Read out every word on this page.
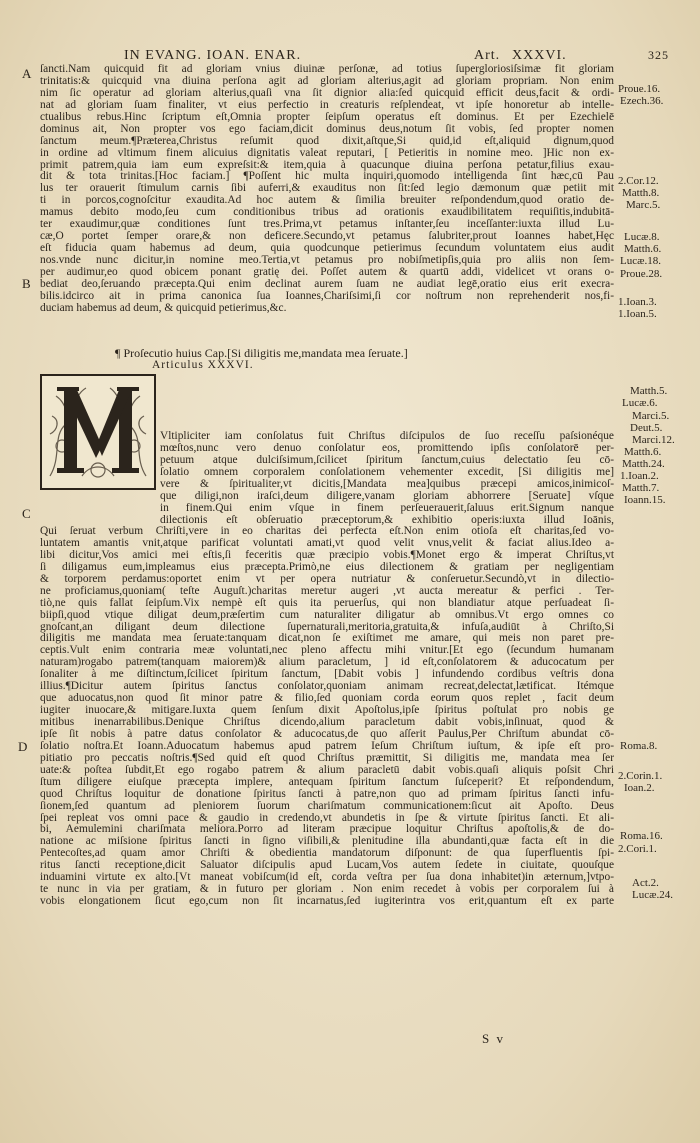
IN EVANG. IOAN. ENAR.	Art. XXXVI.	325
A
B
C
D
ſancti.Nam quicquid fit ad gloriam vnius diuinæ perſonæ, ad totius ſupergloriosiſsimæ fit gloriam
trinitatis:& quicquid vna diuina perſona agit ad gloriam alterius,agit ad gloriam propriam. Non enim
nim ſic operatur ad gloriam alterius,quaſi vna ſit dignior alia:ſed quicquid efficit deus,facit & ordi-
nat ad gloriam ſuam finaliter, vt eius perfectio in creaturis reſplendeat, vt ipſe honoretur ab intelle-
ctualibus rebus.Hinc ſcriptum eſt,Omnia propter ſeipſum operatus eſt dominus. Et per Ezechielē
dominus ait, Non propter vos ego faciam,dicit dominus deus,notum ſit vobis, ſed propter nomen
ſanctum meum.¶Præterea,Christus reſumit quod dixit,aſtque,Si quid,id eſt,aliquid dignum,quod
in ordine ad vltimum finem alicuius dignitatis valeat reputari, [ Petieritis in nomine meo. ]Hic non ex-
primit patrem,quia iam eum expreſsit:& item,quia à quacunque diuina perſona petatur,filius exau-
dit & tota trinitas.[Hoc faciam.] ¶Poſſent hic multa inquiri,quomodo intelligenda ſint hæc,cū Pau
lus ter orauerit ſtimulum carnis ſibi auferri,& exauditus non ſit:ſed legio dæmonum quæ petiit mit
ti in porcos,cognoſcitur exaudita.Ad hoc autem & ſimilia breuiter reſpondendum,quod oratio de-
mamus debito modo,ſeu cum conditionibus tribus ad orationis exaudibilitatem requiſitis,indubitā-
ter exaudimur,quæ conditiones ſunt tres.Prima,vt petamus inſtanter,ſeu inceſſanter:iuxta illud Lu-
cæ,O portet ſemper orare,& non deficere.Secundo,vt petamus ſalubriter,prout Ioannes habet,Hęc
eſt fiducia quam habemus ad deum, quia quodcunque petierimus ſecundum voluntatem eius audit
nos.vnde nunc dicitur,in nomine meo.Tertia,vt petamus pro nobiſmetipſis,quia pro aliis non ſem-
per audimur,eo quod obicem ponant gratię dei. Poſſet autem & quartū addi, videlicet vt orans o-
bediat deo,ſeruando præcepta.Qui enim declinat aurem ſuam ne audiat legē,oratio eius erit execra-
bilis.idcirco ait in prima canonica ſua Ioannes,Chariſsimi,ſi cor noſtrum non reprehenderit nos,fi-
duciam habemus ad deum, & quicquid petierimus,&c.
¶ Proſecutio huius Cap.[Si diligitis me,mandata mea ſeruate.]
Articulus XXXVI.
Vltipliciter iam conſolatus fuit Chriſtus diſcipulos de ſuo receſſu paſsionéque
mœſtos,nunc vero denuo conſolatur eos, promittendo ipſis conſolatorē per-
petuum atque dulciſsimum,ſcilicet ſpiritum ſanctum,cuius delectatio ſeu cō-
ſolatio omnem corporalem conſolationem vehementer excedit, [Si diligitis me]
vere & ſpiritualiter,vt dicitis,[Mandata mea]quibus præcepi amicos,inimicoſ-
que diligi,non iraſci,deum diligere,vanam gloriam abhorrere [Seruate] vſque
in finem.Qui enim vſque in finem perſeuerauerit,ſaluus erit.Signum nanque
dilectionis eſt obſeruatio præceptorum,& exhibitio operis:iuxta illud Ioānis,
Qui ſeruat verbum Chriſti,vere in eo charitas dei perfecta eſt.Non enim otioſa eſt charitas,ſed vo-
luntatem amantis vnit,atque parificat voluntati amati,vt quod velit vnus,velit & faciat alius.Ideo a-
libi dicitur,Vos amici mei eſtis,ſi feceritis quæ præcipio vobis.¶Monet ergo & imperat Chriſtus,vt
ſi diligamus eum,impleamus eius præcepta.Primò,ne eius dilectionem & gratiam per negligentiam
& torporem perdamus:oportet enim vt per opera nutriatur & conſeruetur.Secundò,vt in dilectio-
ne proficiamus,quoniam( teſte Auguſt.)charitas meretur augeri ,vt aucta mereatur & perfici . Ter-
tiò,ne quis fallat ſeipſum.Vix nempè eſt quis ita peruerſus, qui non blandiatur atque perſuadeat ſi-
biipſi,quod vtique diligat deum,præſertim cum naturaliter diligatur ab omnibus.Vt ergo omnes co
gnoſcant,an diligant deum dilectione ſupernaturali,meritoria,gratuita,& infuſa,audiūt à Chriſto,Si
diligitis me mandata mea ſeruate:tanquam dicat,non ſe exiſtimet me amare, qui meis non paret pre-
ceptis.Vult enim contraria meæ voluntati,nec pleno affectu mihi vnitur.[Et ego (ſecundum humanam
naturam)rogabo patrem(tanquam maiorem)& alium paracletum, ] id eſt,conſolatorem & aducocatum per
ſonaliter à me diſtinctum,ſcilicet ſpiritum ſanctum, [Dabit vobis ] infundendo cordibus veſtris dona
illius.¶Dicitur autem ſpiritus ſanctus conſolator,quoniam animam recreat,delectat,lætificat. Itémque
que aduocatus,non quod ſit minor patre & filio,ſed quoniam corda eorum quos replet , facit deum
iugiter inuocare,& mitigare.Iuxta quem ſenſum dixit Apoſtolus,ipſe ſpiritus poſtulat pro nobis ge
mitibus inenarrabilibus.Denique Chriſtus dicendo,alium paracletum dabit vobis,inſinuat, quod &
ipſe ſit nobis à patre datus conſolator & aducocatus,de quo aſſerit Paulus,Per Chriſtum abundat cō-
ſolatio noſtra.Et Ioann.Aduocatum habemus apud patrem Ieſum Chriſtum iuſtum, & ipſe eſt pro-
pitiatio pro peccatis noſtris.¶Sed quid eſt quod Chriſtus præmittit, Si diligitis me, mandata mea ſer
uate:& poſtea ſubdit,Et ego rogabo patrem & alium paracletū dabit vobis.quaſi aliquis poſsit Chri
ſtum diligere eiuſque præcepta implere, antequam ſpiritum ſanctum ſuſceperit? Et reſpondendum,
quod Chriſtus loquitur de donatione ſpiritus ſancti à patre,non quo ad primam ſpiritus ſancti infu-
ſionem,ſed quantum ad pleniorem ſuorum chariſmatum communicationem:ſicut ait Apoſto. Deus
ſpei repleat vos omni pace & gaudio in credendo,vt abundetis in ſpe & virtute ſpiritus ſancti. Et ali-
bi, Aemulemini chariſmata meliora.Porro ad literam præcipue loquitur Chriſtus apoſtolis,& de do-
natione ac miſsione ſpiritus ſancti in ſigno viſibili,& plenitudine illa abundanti,quæ facta eſt in die
Pentecoſtes,ad quam amor Chriſti & obedientia mandatorum diſponunt: de qua ſuperfluentis ſpi-
ritus ſancti receptione,dicit Saluator diſcipulis apud Lucam,Vos autem ſedete in ciuitate, quouſque
induamini virtute ex alto.[Vt maneat vobiſcum(id eſt, corda veſtra per ſua dona inhabitet)in æternum,]vtpo-
te nunc in via per gratiam, & in futuro per gloriam . Non enim recedet à vobis per corporalem ſui à
vobis elongationem ſicut ego,cum non ſit incarnatus,ſed iugiterintra vos erit,quantum eſt ex parte
Proue.16.
Ezech.36.
2.Cor.12.
Matth.8.
Marc.5.
Lucæ.8.
Matth.6.
Lucæ.18.
Proue.28.
1.Ioan.3.
1.Ioan.5.
Matth.5.
Lucæ.6.
Marci.5.
Deut.5.
Marci.12.
Matth.6.
Matth.24.
1.Ioan.2.
Matth.7.
Ioann.15.
Roma.8.
2.Corin.1.
Ioan.2.
Roma.16.
2.Cori.1.
Act.2.
Lucæ.24.
S v
